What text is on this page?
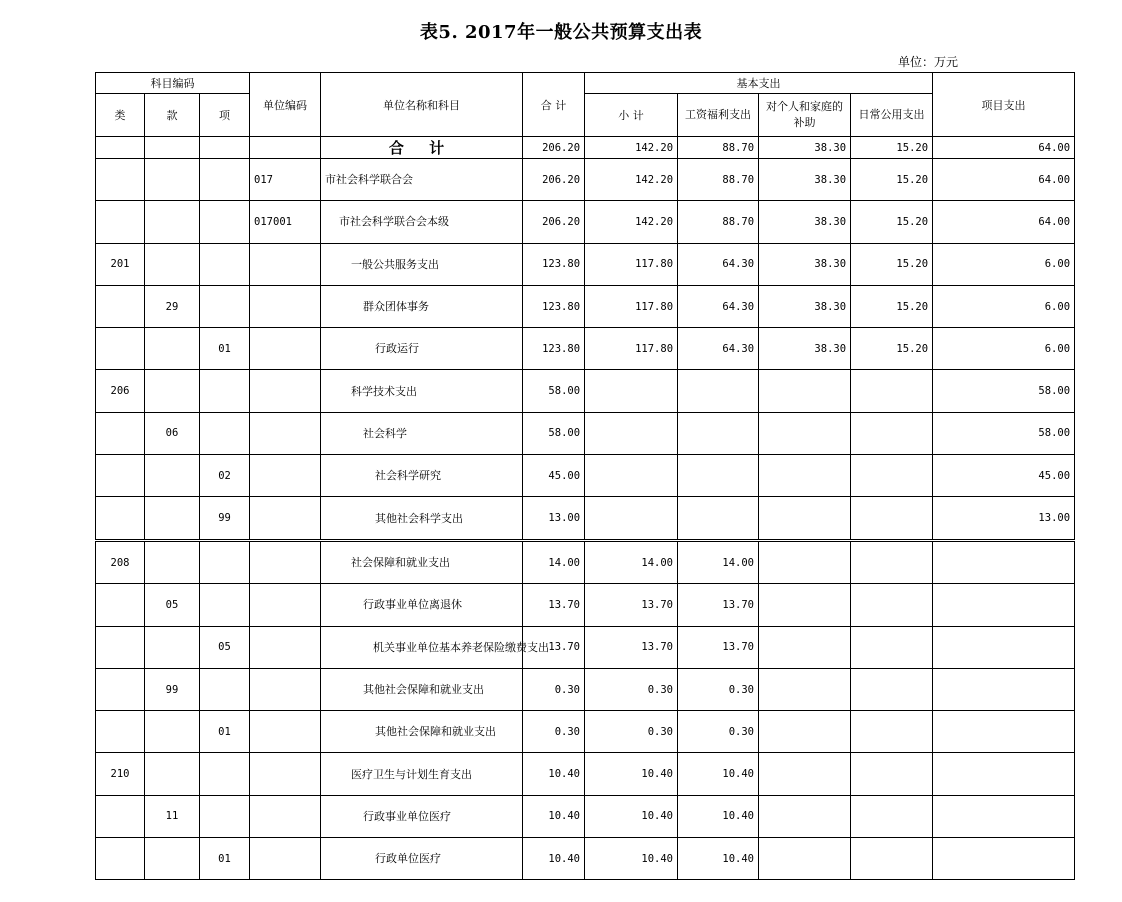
表5. 2017年一般公共预算支出表
单位：万元
科目编码			单位编码	单位名称和科目	合 计	基本支出				项目支出
类	款	项				小 计	工资福利支出	对个人和家庭的补助	日常公用支出	
				合 计	206.20	142.20	88.70	38.30	15.20	64.00
			017	市社会科学联合会	206.20	142.20	88.70	38.30	15.20	64.00
			017001	市社会科学联合会本级	206.20	142.20	88.70	38.30	15.20	64.00
201				一般公共服务支出	123.80	117.80	64.30	38.30	15.20	6.00
	29			群众团体事务	123.80	117.80	64.30	38.30	15.20	6.00
		01		行政运行	123.80	117.80	64.30	38.30	15.20	6.00
206				科学技术支出	58.00					58.00
	06			社会科学	58.00					58.00
		02		社会科学研究	45.00					45.00
		99		其他社会科学支出	13.00					13.00
208				社会保障和就业支出	14.00	14.00	14.00			
	05			行政事业单位离退休	13.70	13.70	13.70			
		05		机关事业单位基本养老保险缴费支出	13.70	13.70	13.70			
	99			其他社会保障和就业支出	0.30	0.30	0.30			
		01		其他社会保障和就业支出	0.30	0.30	0.30			
210				医疗卫生与计划生育支出	10.40	10.40	10.40			
	11			行政事业单位医疗	10.40	10.40	10.40			
		01		行政单位医疗	10.40	10.40	10.40			
